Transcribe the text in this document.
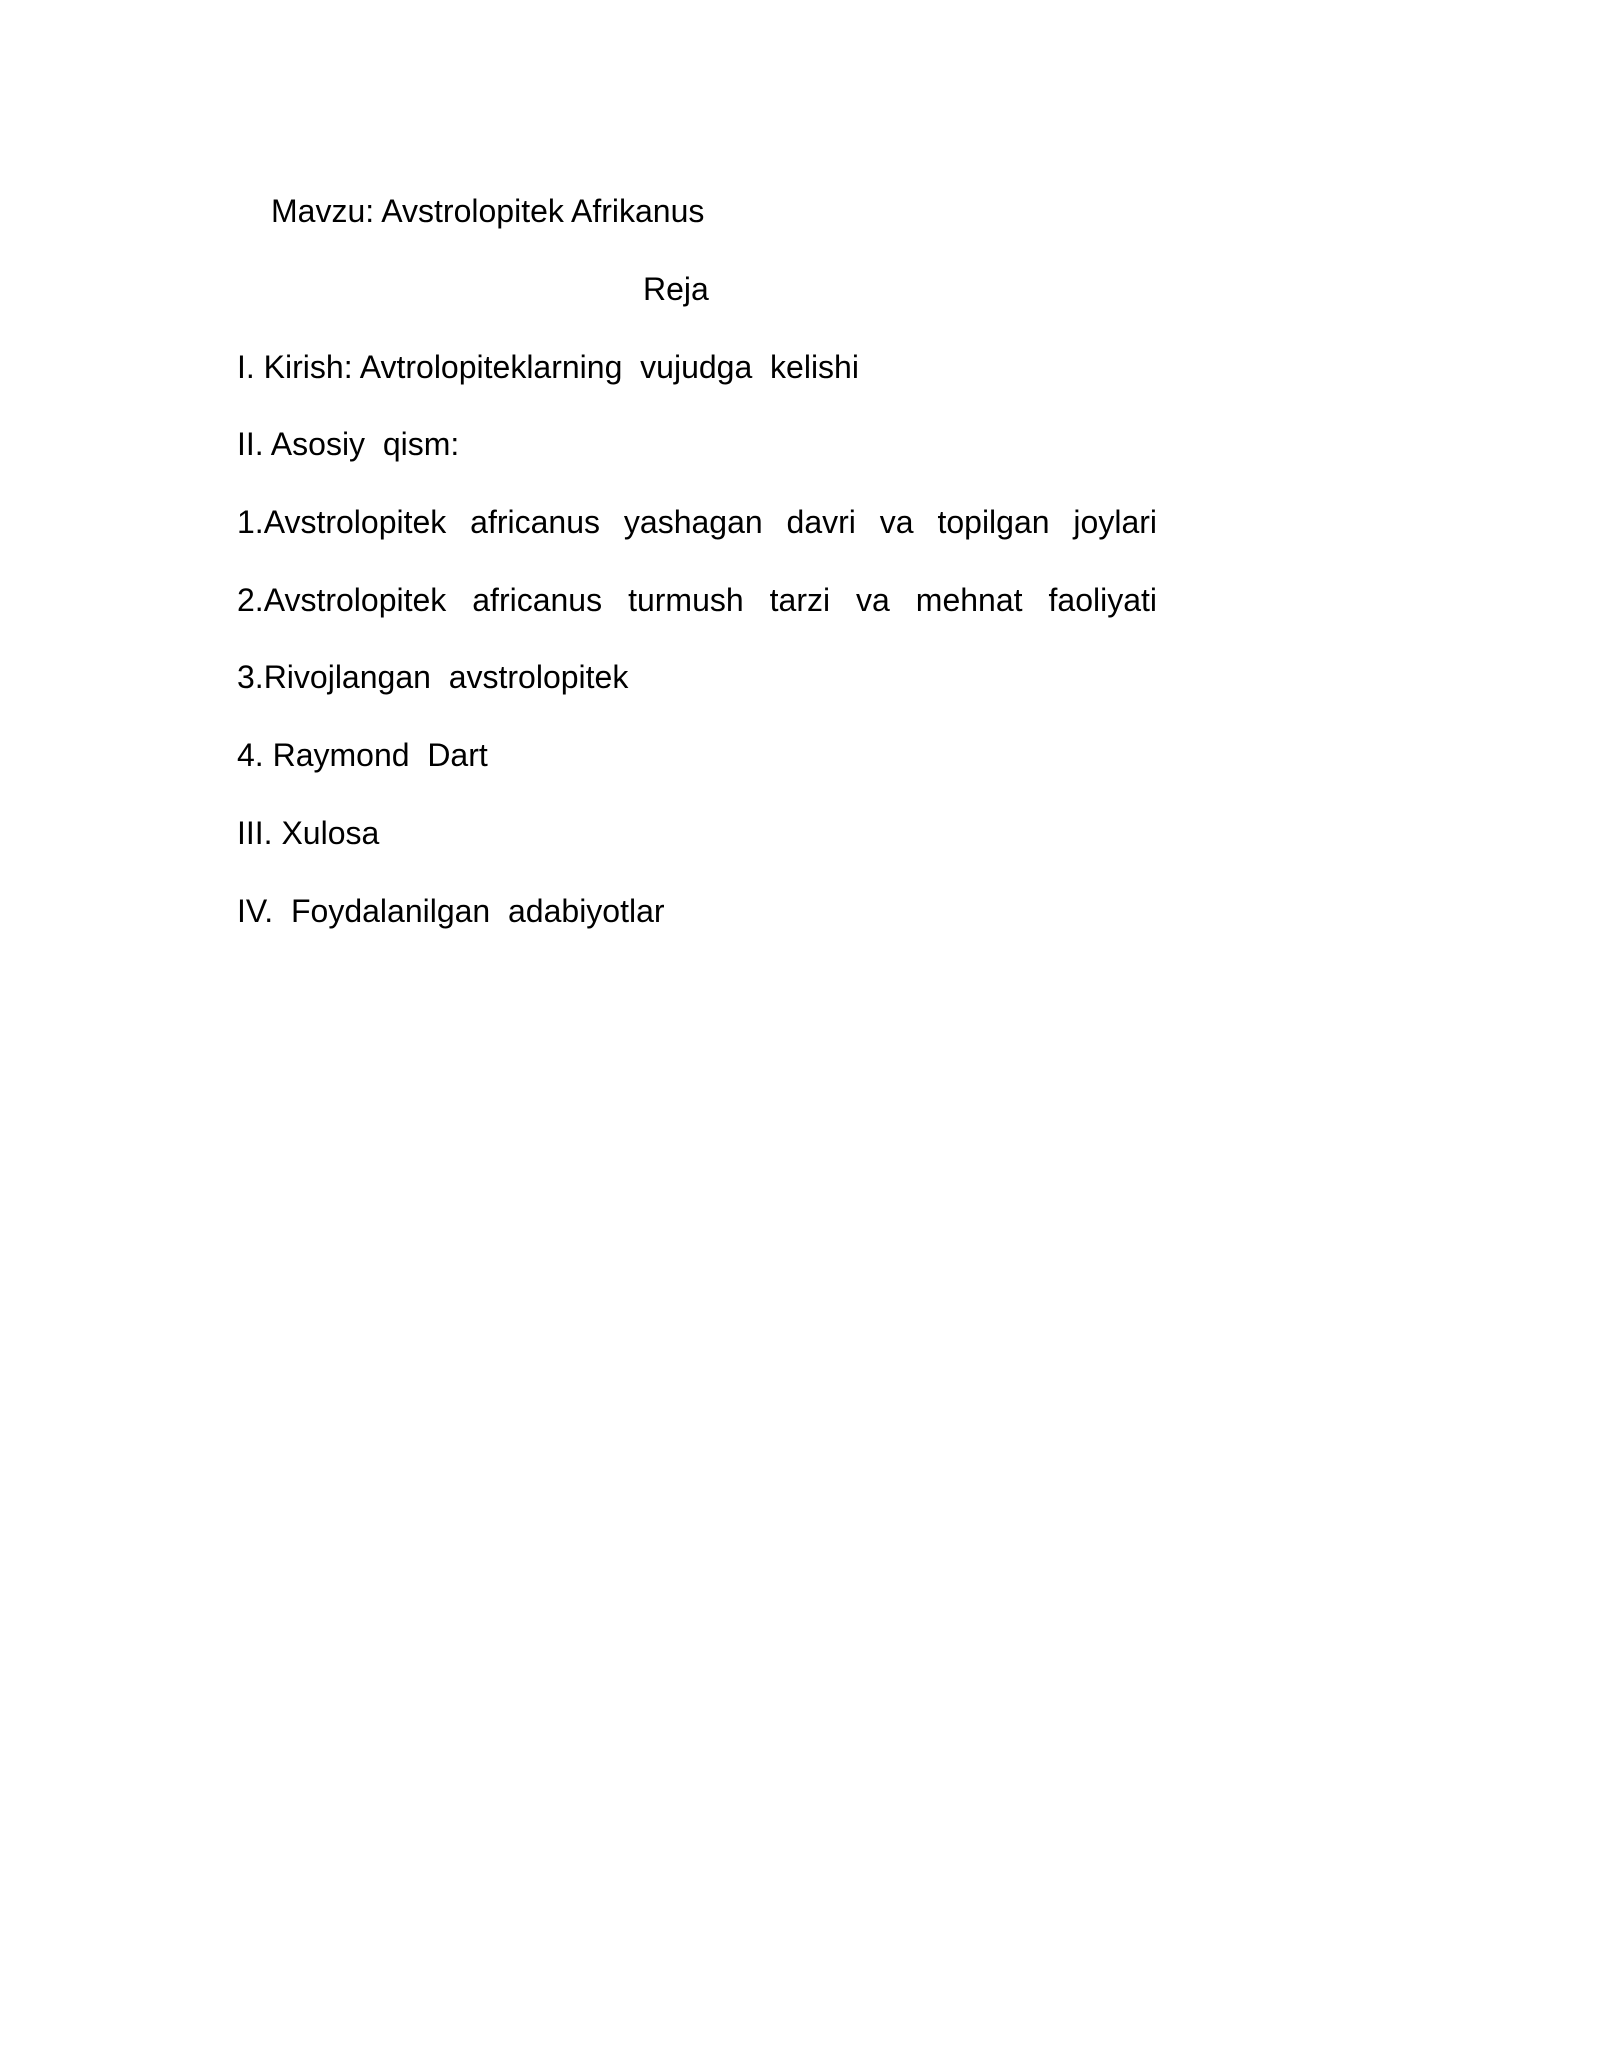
Mavzu: Avstrolopitek Afrikanus

Reja

I. Kirish: Avtrolopiteklarning  vujudga  kelishi

II. Asosiy  qism:

1.Avstrolopitek  africanus  yashagan  davri  va  topilgan  joylari

2.Avstrolopitek  africanus  turmush  tarzi  va  mehnat  faoliyati

3.Rivojlangan  avstrolopitek

4. Raymond  Dart

III. Xulosa

IV.  Foydalanilgan  adabiyotlar
